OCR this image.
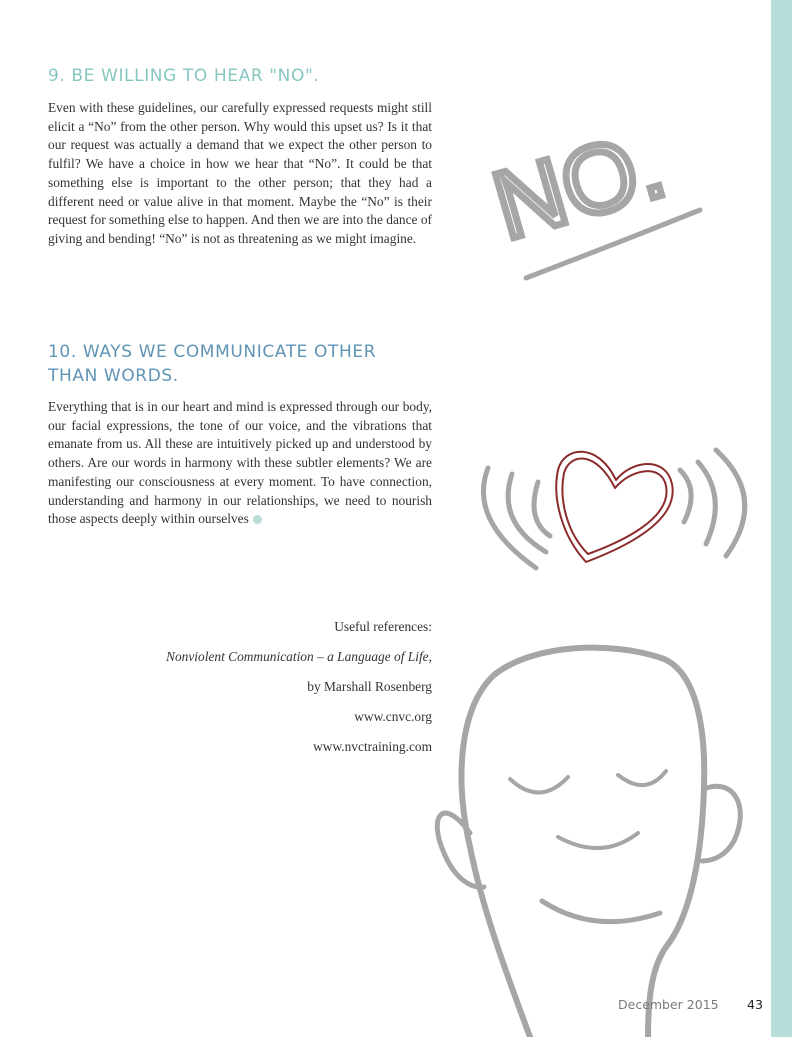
9. BE WILLING TO HEAR "NO".

Even with these guidelines, our carefully expressed requests might still elicit a “No” from the other person. Why would this upset us? Is it that our request was actually a demand that we expect the other person to fulfil? We have a choice in how we hear that “No”. It could be that something else is important to the other person; that they had a different need or value alive in that moment. Maybe the “No” is their request for something else to happen. And then we are into the dance of giving and bending! “No” is not as threatening as we might imagine. NO.
10. WAYS WE COMMUNICATE OTHER THAN WORDS.

Everything that is in our heart and mind is expressed through our body, our facial expressions, the tone of our voice, and the vibrations that emanate from us. All these are intuitively picked up and understood by others. Are our words in harmony with these subtler elements? We are manifesting our consciousness at every moment. To have connection, understanding and harmony in our relationships, we need to nourish those aspects deeply within ourselves

Useful references:
Nonviolent Communication – a Language of Life,
by Marshall Rosenberg
www.cnvc.org
www.nvctraining.com
December 2015 43
